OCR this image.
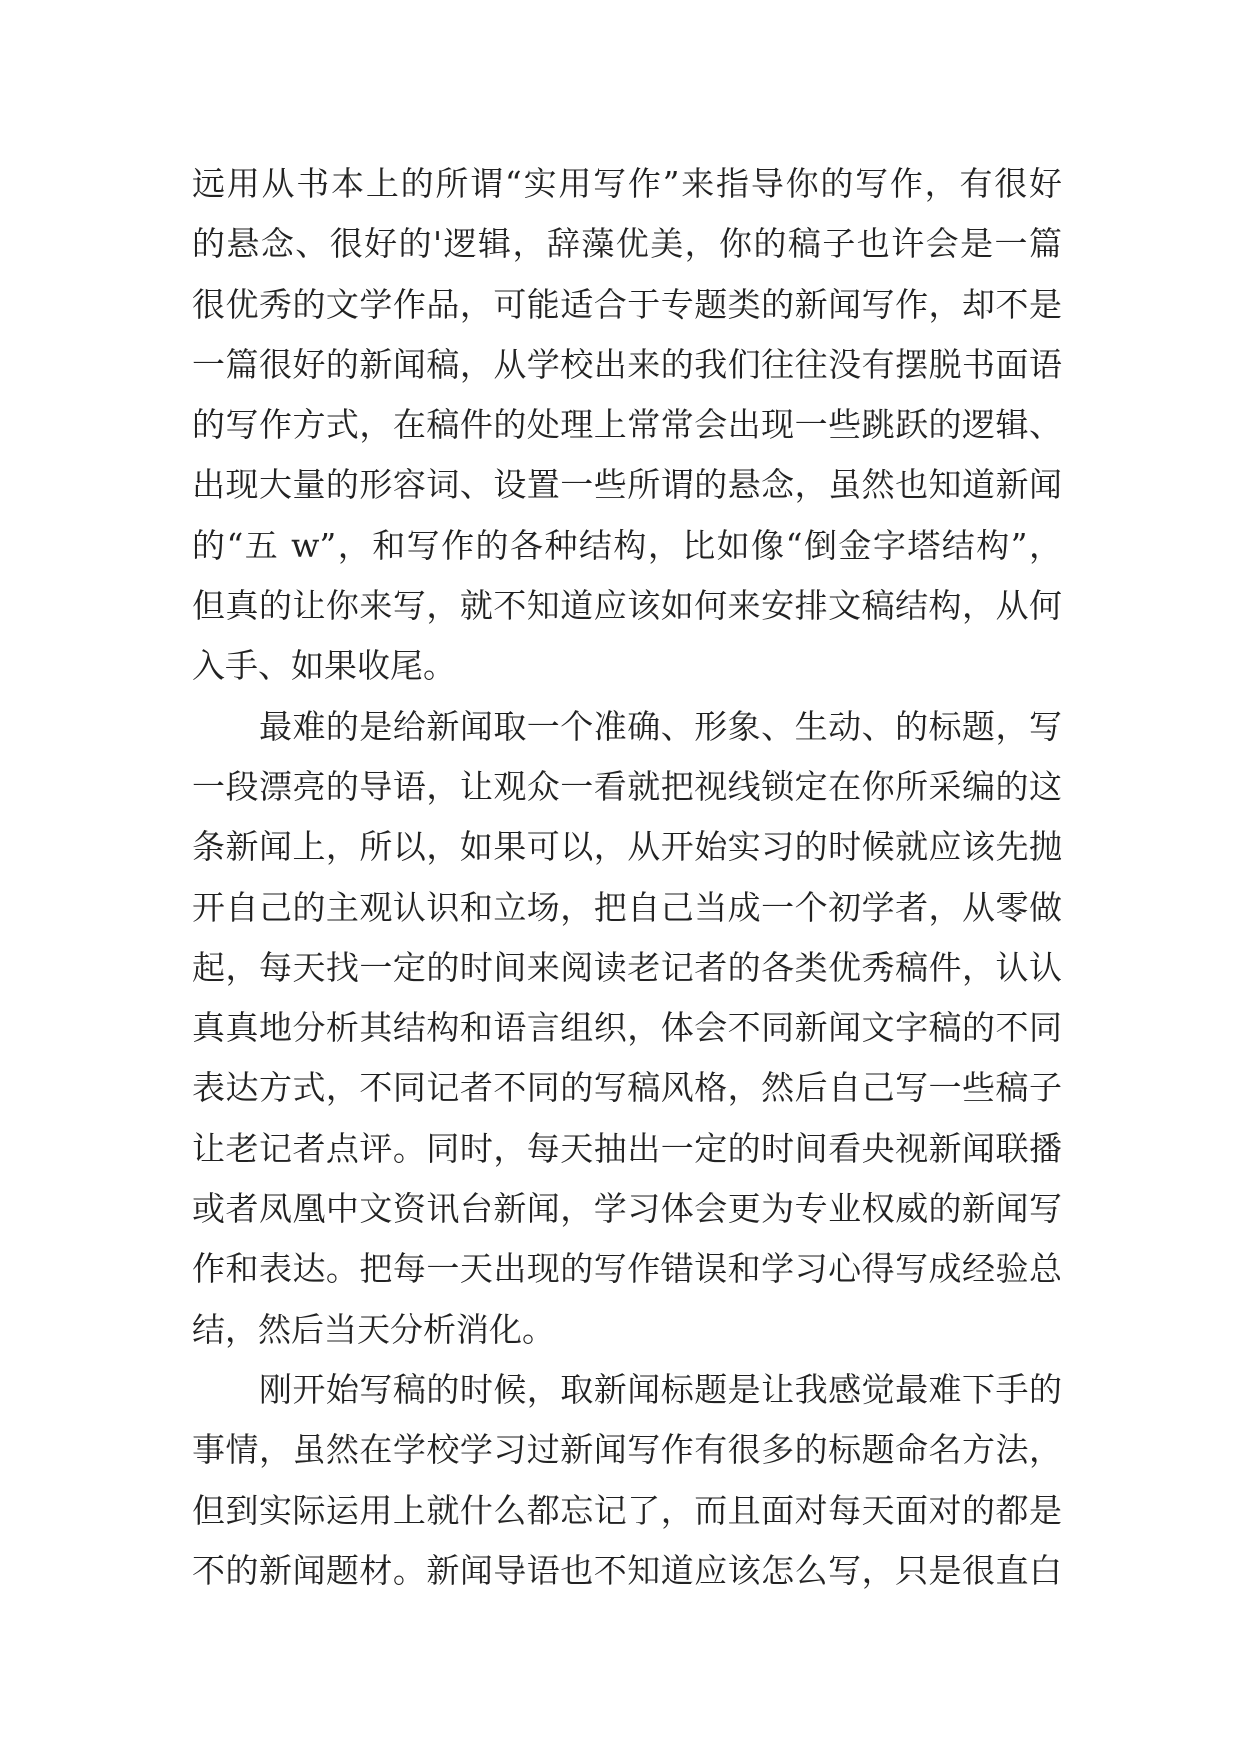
远用从书本上的所谓“实用写作”来指导你的写作，有很好
的悬念、很好的'逻辑，辞藻优美，你的稿子也许会是一篇
很优秀的文学作品，可能适合于专题类的新闻写作，却不是
一篇很好的新闻稿，从学校出来的我们往往没有摆脱书面语
的写作方式，在稿件的处理上常常会出现一些跳跃的逻辑、
出现大量的形容词、设置一些所谓的悬念，虽然也知道新闻
的“五 w”，和写作的各种结构，比如像“倒金字塔结构”，
但真的让你来写，就不知道应该如何来安排文稿结构，从何
入手、如果收尾。
　　最难的是给新闻取一个准确、形象、生动、的标题，写
一段漂亮的导语，让观众一看就把视线锁定在你所采编的这
条新闻上，所以，如果可以，从开始实习的时候就应该先抛
开自己的主观认识和立场，把自己当成一个初学者，从零做
起，每天找一定的时间来阅读老记者的各类优秀稿件，认认
真真地分析其结构和语言组织，体会不同新闻文字稿的不同
表达方式，不同记者不同的写稿风格，然后自己写一些稿子
让老记者点评。同时，每天抽出一定的时间看央视新闻联播
或者凤凰中文资讯台新闻，学习体会更为专业权威的新闻写
作和表达。把每一天出现的写作错误和学习心得写成经验总
结，然后当天分析消化。
　　刚开始写稿的时候，取新闻标题是让我感觉最难下手的
事情，虽然在学校学习过新闻写作有很多的标题命名方法，
但到实际运用上就什么都忘记了，而且面对每天面对的都是
不的新闻题材。新闻导语也不知道应该怎么写，只是很直白
